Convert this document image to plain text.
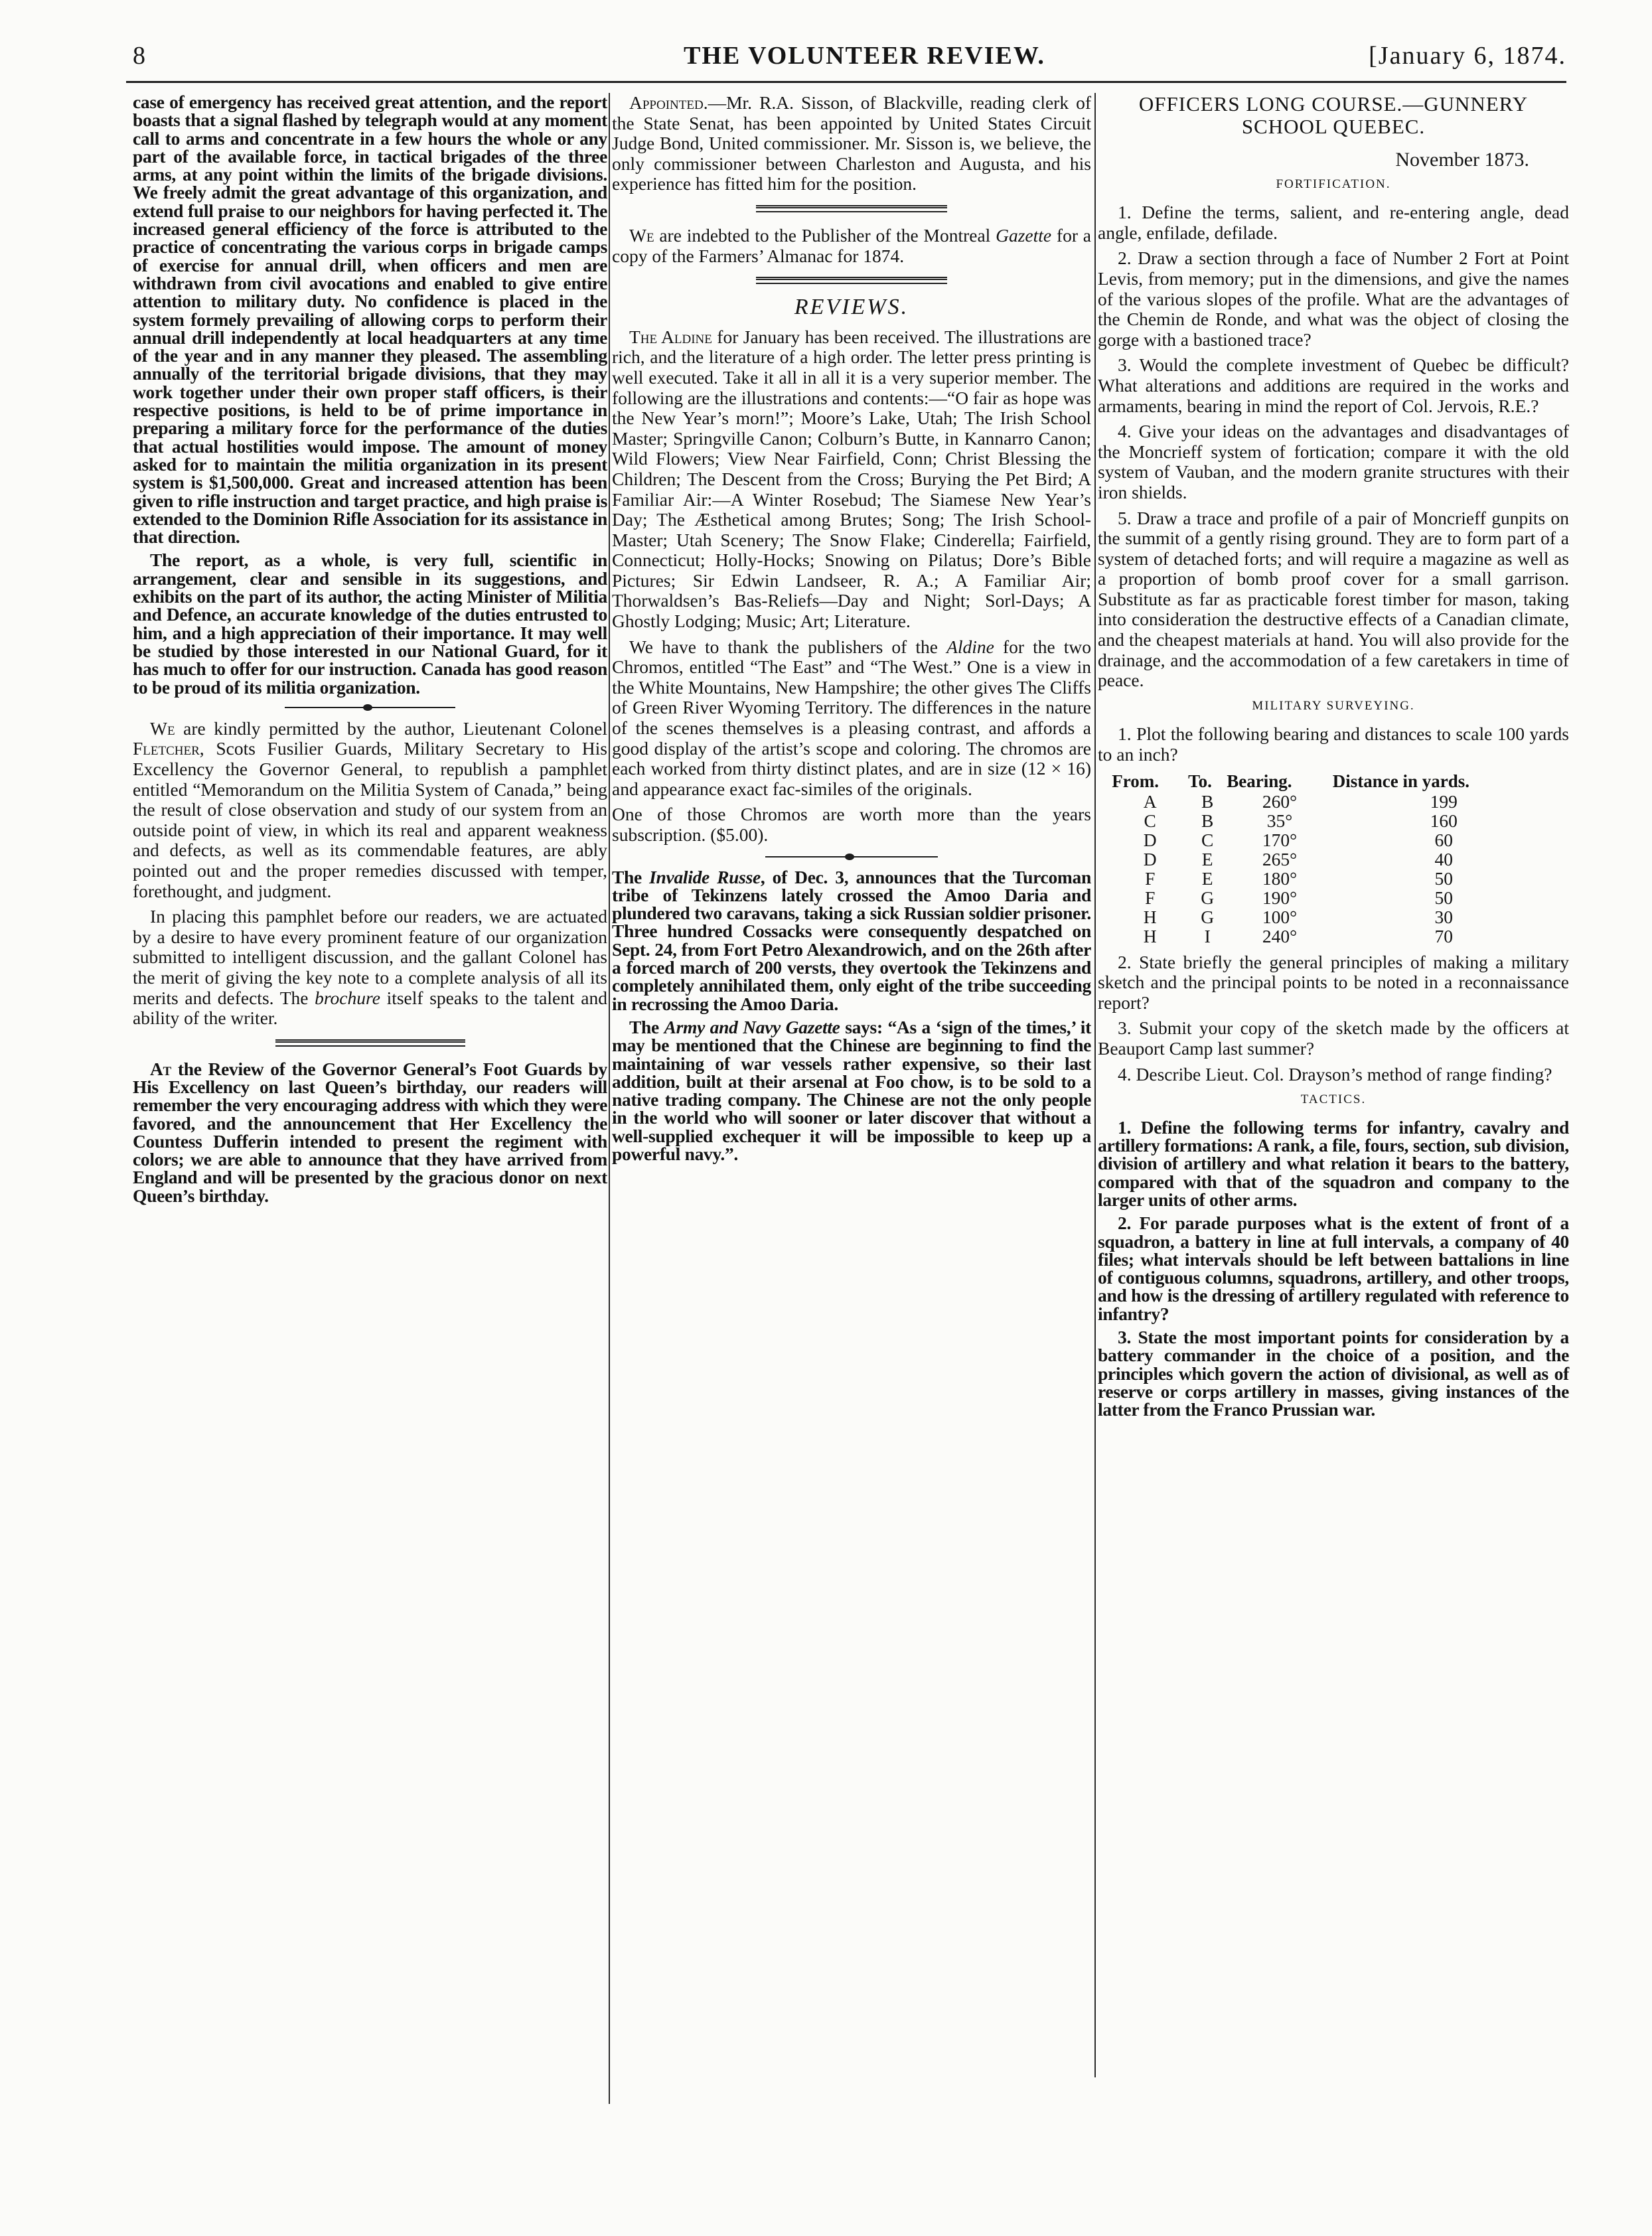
8	THE VOLUNTEER REVIEW.	[January 6, 1874.

case of emergency has received great attention, and the report boasts that a signal flashed by telegraph would at any moment call to arms and concentrate in a few hours the whole or any part of the available force, in tactical brigades of the three arms, at any point within the limits of the brigade divisions. We freely admit the great advantage of this organization, and extend full praise to our neighbors for having perfected it. The increased general efficiency of the force is attributed to the practice of concentrating the various corps in brigade camps of exercise for annual drill, when officers and men are withdrawn from civil avocations and enabled to give entire attention to military duty. No confidence is placed in the system formely prevailing of allowing corps to perform their annual drill independently at local headquarters at any time of the year and in any manner they pleased. The assembling annually of the territorial brigade divisions, that they may work together under their own proper staff officers, is their respective positions, is held to be of prime importance in preparing a military force for the performance of the duties that actual hostilities would impose. The amount of money asked for to maintain the militia organization in its present system is $1,500,000. Great and increased attention has been given to rifle instruction and target practice, and high praise is extended to the Dominion Rifle Association for its assistance in that direction.

The report, as a whole, is very full, scientific in arrangement, clear and sensible in its suggestions, and exhibits on the part of its author, the acting Minister of Militia and Defence, an accurate knowledge of the duties entrusted to him, and a high appreciation of their importance. It may well be studied by those interested in our National Guard, for it has much to offer for our instruction. Canada has good reason to be proud of its militia organization.

We are kindly permitted by the author, Lieutenant Colonel Fletcher, Scots Fusilier Guards, Military Secretary to His Excellency the Governor General, to republish a pamphlet entitled “Memorandum on the Militia System of Canada,” being the result of close observation and study of our system from an outside point of view, in which its real and apparent weakness and defects, as well as its commendable features, are ably pointed out and the proper remedies discussed with temper, forethought, and judgment.

In placing this pamphlet before our readers, we are actuated by a desire to have every prominent feature of our organization submitted to intelligent discussion, and the gallant Colonel has the merit of giving the key note to a complete analysis of all its merits and defects. The brochure itself speaks to the talent and ability of the writer.

At the Review of the Governor General’s Foot Guards by His Excellency on last Queen’s birthday, our readers will remember the very encouraging address with which they were favored, and the announcement that Her Excellency the Countess Dufferin intended to present the regiment with colors; we are able to announce that they have arrived from England and will be presented by the gracious donor on next Queen’s birthday.

Appointed.—Mr. R.A. Sisson, of Blackville, reading clerk of the State Senat, has been appointed by United States Circuit Judge Bond, United commissioner. Mr. Sisson is, we believe, the only commissioner between Charleston and Augusta, and his experience has fitted him for the position.

We are indebted to the Publisher of the Montreal Gazette for a copy of the Farmers’ Almanac for 1874.

REVIEWS.

The Aldine for January has been received. The illustrations are rich, and the literature of a high order. The letter press printing is well executed. Take it all in all it is a very superior member. The following are the illustrations and contents:—“O fair as hope was the New Year’s morn!”; Moore’s Lake, Utah; The Irish School Master; Springville Canon; Colburn’s Butte, in Kannarro Canon; Wild Flowers; View Near Fairfield, Conn; Christ Blessing the Children; The Descent from the Cross; Burying the Pet Bird; A Familiar Air:—A Winter Rosebud; The Siamese New Year’s Day; The Æsthetical among Brutes; Song; The Irish School-Master; Utah Scenery; The Snow Flake; Cinderella; Fairfield, Connecticut; Holly-Hocks; Snowing on Pilatus; Dore’s Bible Pictures; Sir Edwin Landseer, R. A.; A Familiar Air; Thorwaldsen’s Bas-Reliefs—Day and Night; Sorl-Days; A Ghostly Lodging; Music; Art; Literature.

We have to thank the publishers of the Aldine for the two Chromos, entitled “The East” and “The West.” One is a view in the White Mountains, New Hampshire; the other gives The Cliffs of Green River Wyoming Territory. The differences in the nature of the scenes themselves is a pleasing contrast, and affords a good display of the artist’s scope and coloring. The chromos are each worked from thirty distinct plates, and are in size (12 × 16) and appearance exact fac-similes of the originals.

One of those Chromos are worth more than the years subscription. ($5.00).

The Invalide Russe, of Dec. 3, announces that the Turcoman tribe of Tekinzens lately crossed the Amoo Daria and plundered two caravans, taking a sick Russian soldier prisoner. Three hundred Cossacks were consequently despatched on Sept. 24, from Fort Petro Alexandrowich, and on the 26th after a forced march of 200 versts, they overtook the Tekinzens and completely annihilated them, only eight of the tribe succeeding in recrossing the Amoo Daria.

The Army and Navy Gazette says: “As a ‘sign of the times,’ it may be mentioned that the Chinese are beginning to find the maintaining of war vessels rather expensive, so their last addition, built at their arsenal at Foo chow, is to be sold to a native trading company. The Chinese are not the only people in the world who will sooner or later discover that without a well-supplied exchequer it will be impossible to keep up a powerful navy.”.

OFFICERS LONG COURSE.—GUNNERY SCHOOL QUEBEC.
November 1873.
FORTIFICATION.

1. Define the terms, salient, and re-entering angle, dead angle, enfilade, defilade.

2. Draw a section through a face of Number 2 Fort at Point Levis, from memory; put in the dimensions, and give the names of the various slopes of the profile. What are the advantages of the Chemin de Ronde, and what was the object of closing the gorge with a bastioned trace?

3. Would the complete investment of Quebec be difficult? What alterations and additions are required in the works and armaments, bearing in mind the report of Col. Jervois, R.E.?

4. Give your ideas on the advantages and disadvantages of the Moncrieff system of fortication; compare it with the old system of Vauban, and the modern granite structures with their iron shields.

5. Draw a trace and profile of a pair of Moncrieff gunpits on the summit of a gently rising ground. They are to form part of a system of detached forts; and will require a magazine as well as a proportion of bomb proof cover for a small garrison. Substitute as far as practicable forest timber for mason, taking into consideration the destructive effects of a Canadian climate, and the cheapest materials at hand. You will also provide for the drainage, and the accommodation of a few caretakers in time of peace.

MILITARY SURVEYING.

1. Plot the following bearing and distances to scale 100 yards to an inch?

From.	To.	Bearing.	Distance in yards.
A	B	260°	199
C	B	35°	160
D	C	170°	60
D	E	265°	40
F	E	180°	50
F	G	190°	50
H	G	100°	30
H	I	240°	70

2. State briefly the general principles of making a military sketch and the principal points to be noted in a reconnaissance report?

3. Submit your copy of the sketch made by the officers at Beauport Camp last summer?

4. Describe Lieut. Col. Drayson’s method of range finding?

TACTICS.

1. Define the following terms for infantry, cavalry and artillery formations: A rank, a file, fours, section, sub division, division of artillery and what relation it bears to the battery, compared with that of the squadron and company to the larger units of other arms.

2. For parade purposes what is the extent of front of a squadron, a battery in line at full intervals, a company of 40 files; what intervals should be left between battalions in line of contiguous columns, squadrons, artillery, and other troops, and how is the dressing of artillery regulated with reference to infantry?

3. State the most important points for consideration by a battery commander in the choice of a position, and the principles which govern the action of divisional, as well as of reserve or corps artillery in masses, giving instances of the latter from the Franco Prussian war.
